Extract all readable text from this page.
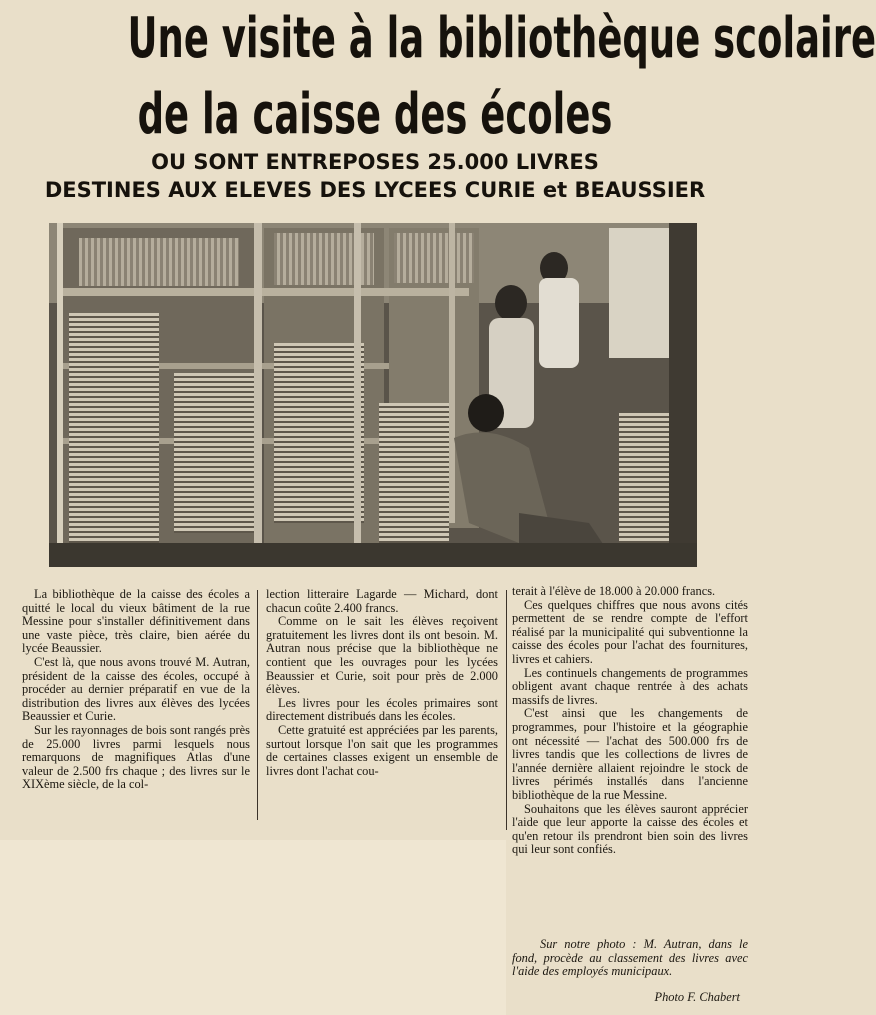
Une visite à la bibliothèque scolaire
de la caisse des écoles
OU SONT ENTREPOSES 25.000 LIVRES
DESTINES AUX ELEVES DES LYCEES CURIE et BEAUSSIER

La bibliothèque de la caisse des écoles a quitté le local du vieux bâtiment de la rue Messine pour s'installer définitivement dans une vaste pièce, très claire, bien aérée du lycée Beaussier.

C'est là, que nous avons trouvé M. Autran, président de la caisse des écoles, occupé à procéder au dernier préparatif en vue de la distribution des livres aux élèves des lycées Beaussier et Curie.

Sur les rayonnages de bois sont rangés près de 25.000 livres parmi lesquels nous remarquons de magnifiques Atlas d'une valeur de 2.500 frs chaque ; des livres sur le XIXème siècle, de la col-

lection litteraire Lagarde — Michard, dont chacun coûte 2.400 francs.

Comme on le sait les élèves reçoivent gratuitement les livres dont ils ont besoin. M. Autran nous précise que la bibliothèque ne contient que les ouvrages pour les lycées Beaussier et Curie, soit pour près de 2.000 élèves.

Les livres pour les écoles primaires sont directement distribués dans les écoles.

Cette gratuité est appréciées par les parents, surtout lorsque l'on sait que les programmes de certaines classes exigent un ensemble de livres dont l'achat cou-

terait à l'élève de 18.000 à 20.000 francs.

Ces quelques chiffres que nous avons cités permettent de se rendre compte de l'effort réalisé par la municipalité qui subventionne la caisse des écoles pour l'achat des fournitures, livres et cahiers.

Les continuels changements de programmes obligent avant chaque rentrée à des achats massifs de livres.

C'est ainsi que les changements de programmes, pour l'histoire et la géographie ont nécessité — l'achat des 500.000 frs de livres tandis que les collections de livres de l'année dernière allaient rejoindre le stock de livres périmés installés dans l'ancienne bibliothèque de la rue Messine.

Souhaitons que les élèves sauront apprécier l'aide que leur apporte la caisse des écoles et qu'en retour ils prendront bien soin des livres qui leur sont confiés.

Sur notre photo : M. Autran, dans le fond, procède au classement des livres avec l'aide des employés municipaux.

Photo F. Chabert
